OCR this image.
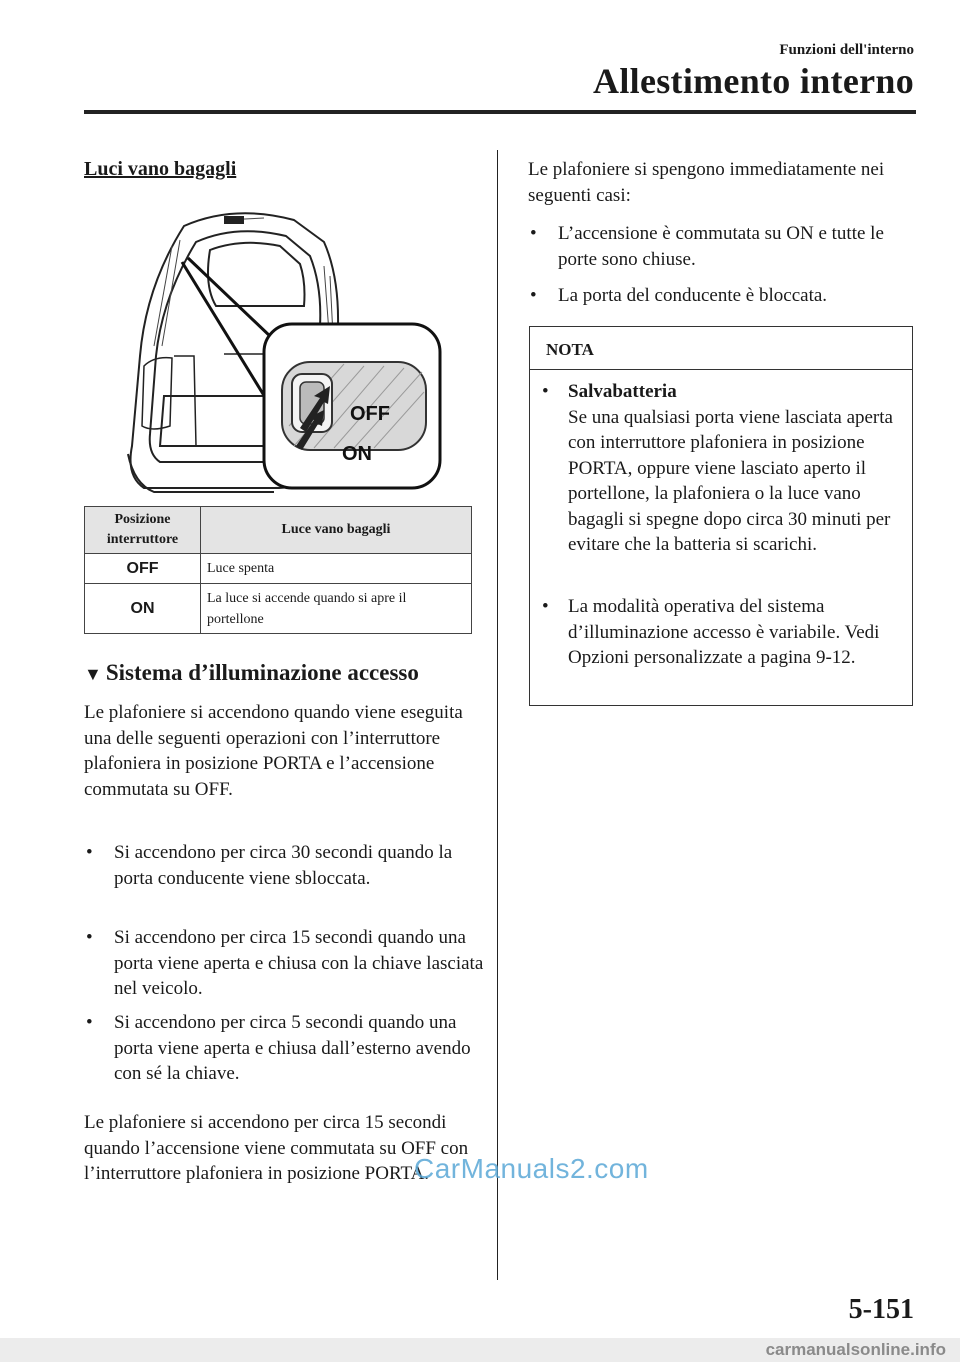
Funzioni dell'interno
Allestimento interno
Luci vano bagagli
OFF
ON
Posizione interruttore	Luce vano bagagli
OFF	Luce spenta
ON	La luce si accende quando si apre il portellone
▼ Sistema d’illuminazione accesso
Le plafoniere si accendono quando viene eseguita una delle seguenti operazioni con l’interruttore plafoniera in posizione PORTA e l’accensione commutata su OFF.
• Si accendono per circa 30 secondi quando la porta conducente viene sbloccata.
• Si accendono per circa 15 secondi quando una porta viene aperta e chiusa con la chiave lasciata nel veicolo.
• Si accendono per circa 5 secondi quando una porta viene aperta e chiusa dall’esterno avendo con sé la chiave.
Le plafoniere si accendono per circa 15 secondi quando l’accensione viene commutata su OFF con l’interruttore plafoniera in posizione PORTA.
Le plafoniere si spengono immediatamente nei seguenti casi:
• L’accensione è commutata su ON e tutte le porte sono chiuse.
• La porta del conducente è bloccata.
NOTA
• Salvabatteria
Se una qualsiasi porta viene lasciata aperta con interruttore plafoniera in posizione PORTA, oppure viene lasciato aperto il portellone, la plafoniera o la luce vano bagagli si spegne dopo circa 30 minuti per evitare che la batteria si scarichi.
• La modalità operativa del sistema d’illuminazione accesso è variabile. Vedi Opzioni personalizzate a pagina 9-12.
5-151
CarManuals2.com
carmanualsonline.info
